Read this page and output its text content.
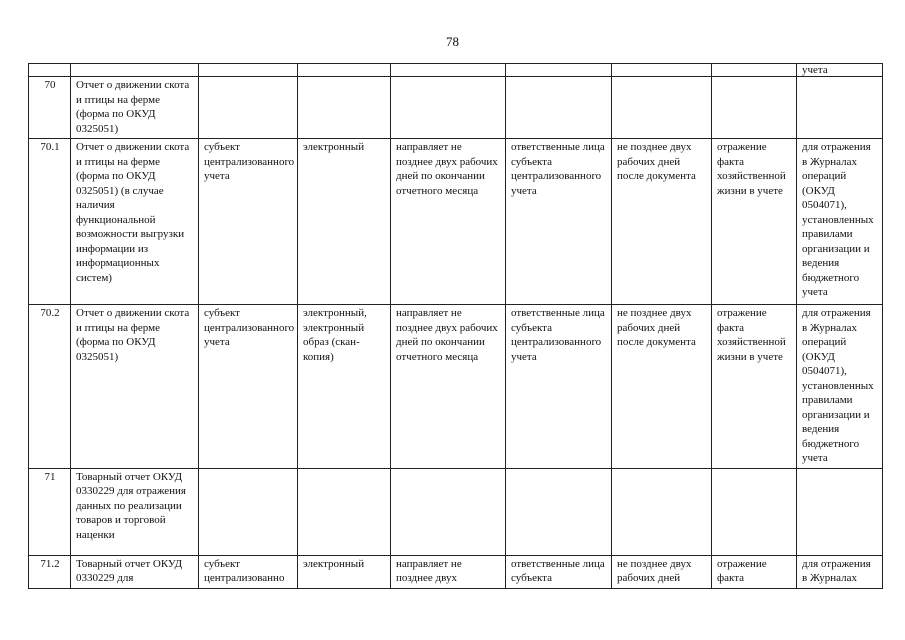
78
								учета
70	Отчет о движении скота и птицы на ферме (форма по ОКУД 0325051)							
70.1	Отчет о движении скота и птицы на ферме (форма по ОКУД 0325051) (в случае наличия функциональной возможности выгрузки информации из информационных систем)	субъект централизованного учета	электронный	направляет не позднее двух рабочих дней по окончании отчетного месяца	ответственные лица субъекта централизованного учета	не позднее двух рабочих дней после документа	отражение факта хозяйственной жизни в учете	для отражения в Журналах операций (ОКУД 0504071), установленных правилами организации и ведения бюджетного учета
70.2	Отчет о движении скота и птицы на ферме (форма по ОКУД 0325051)	субъект централизованного учета	электронный, электронный образ (скан-копия)	направляет не позднее двух рабочих дней по окончании отчетного месяца	ответственные лица субъекта централизованного учета	не позднее двух рабочих дней после документа	отражение факта хозяйственной жизни в учете	для отражения в Журналах операций (ОКУД 0504071), установленных правилами организации и ведения бюджетного учета
71	Товарный отчет ОКУД 0330229 для отражения данных по реализации товаров и торговой наценки							
71.2	Товарный отчет ОКУД 0330229 для	субъект централизованно	электронный	направляет не позднее двух	ответственные лица субъекта	не позднее двух рабочих дней	отражение факта	для отражения в Журналах
